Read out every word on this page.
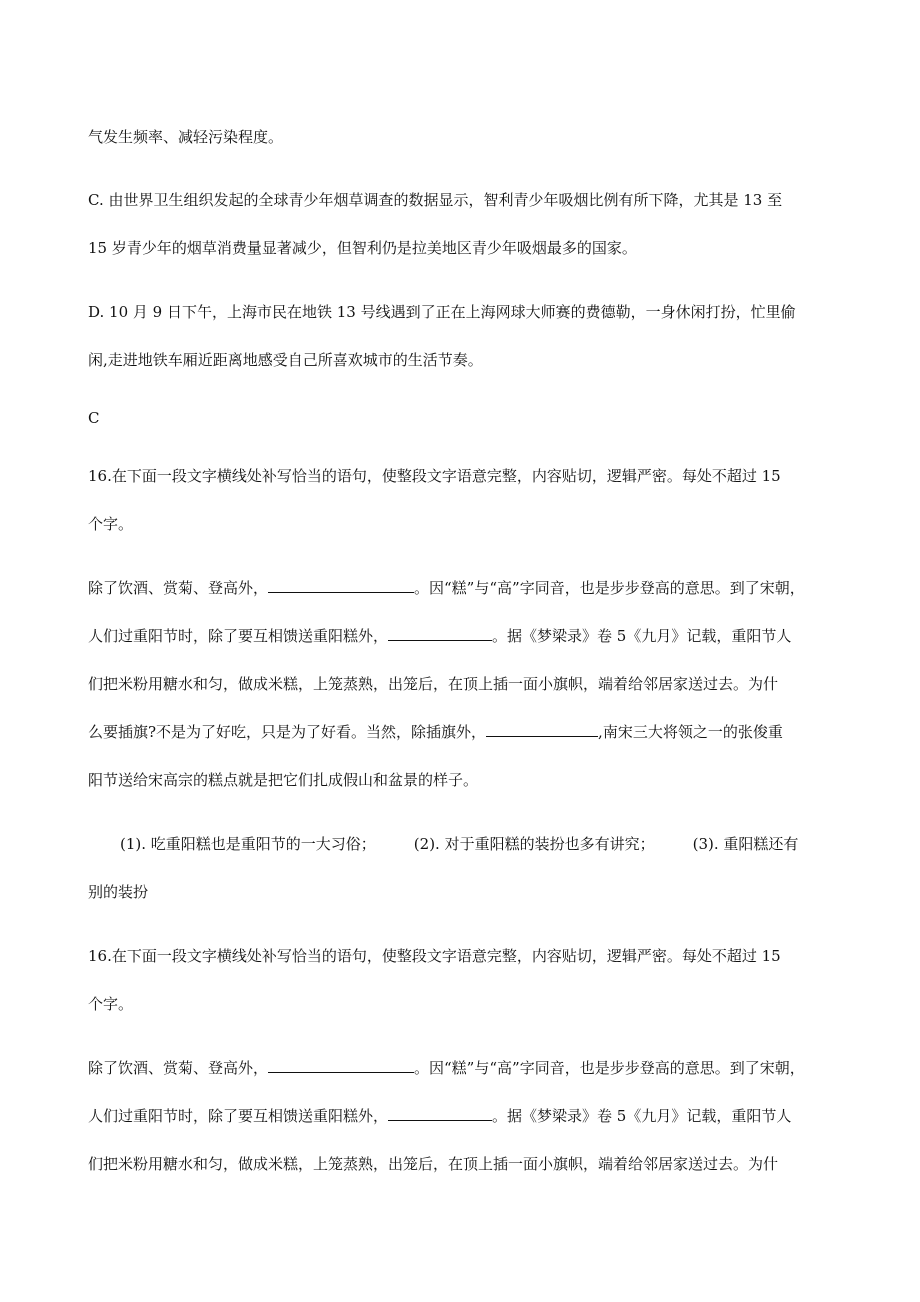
气发生频率、减轻污染程度。
C. 由世界卫生组织发起的全球青少年烟草调查的数据显示，智利青少年吸烟比例有所下降，尤其是 13 至
15 岁青少年的烟草消费量显著减少，但智利仍是拉美地区青少年吸烟最多的国家。
D. 10 月 9 日下午，上海市民在地铁 13 号线遇到了正在上海网球大师赛的费德勒，一身休闲打扮，忙里偷
闲,走进地铁车厢近距离地感受自己所喜欢城市的生活节奏。
C
16.在下面一段文字横线处补写恰当的语句，使整段文字语意完整，内容贴切，逻辑严密。每处不超过 15
个字。
除了饮酒、赏菊、登高外，	。因“糕”与“高”字同音，也是步步登高的意思。到了宋朝，
人们过重阳节时，除了要互相馈送重阳糕外，	。据《梦梁录》卷 5《九月》记载，重阳节人
们把米粉用糖水和匀，做成米糕，上笼蒸熟，出笼后，在顶上插一面小旗帜，端着给邻居家送过去。为什
么要插旗?不是为了好吃，只是为了好看。当然，除插旗外，	,南宋三大将领之一的张俊重
阳节送给宋高宗的糕点就是把它们扎成假山和盆景的样子。
(1). 吃重阳糕也是重阳节的一大习俗；	(2). 对于重阳糕的装扮也多有讲究；	(3). 重阳糕还有
别的装扮
16.在下面一段文字横线处补写恰当的语句，使整段文字语意完整，内容贴切，逻辑严密。每处不超过 15
个字。
除了饮酒、赏菊、登高外，	。因“糕”与“高”字同音，也是步步登高的意思。到了宋朝，
人们过重阳节时，除了要互相馈送重阳糕外，	。据《梦梁录》卷 5《九月》记载，重阳节人
们把米粉用糖水和匀，做成米糕，上笼蒸熟，出笼后，在顶上插一面小旗帜，端着给邻居家送过去。为什
